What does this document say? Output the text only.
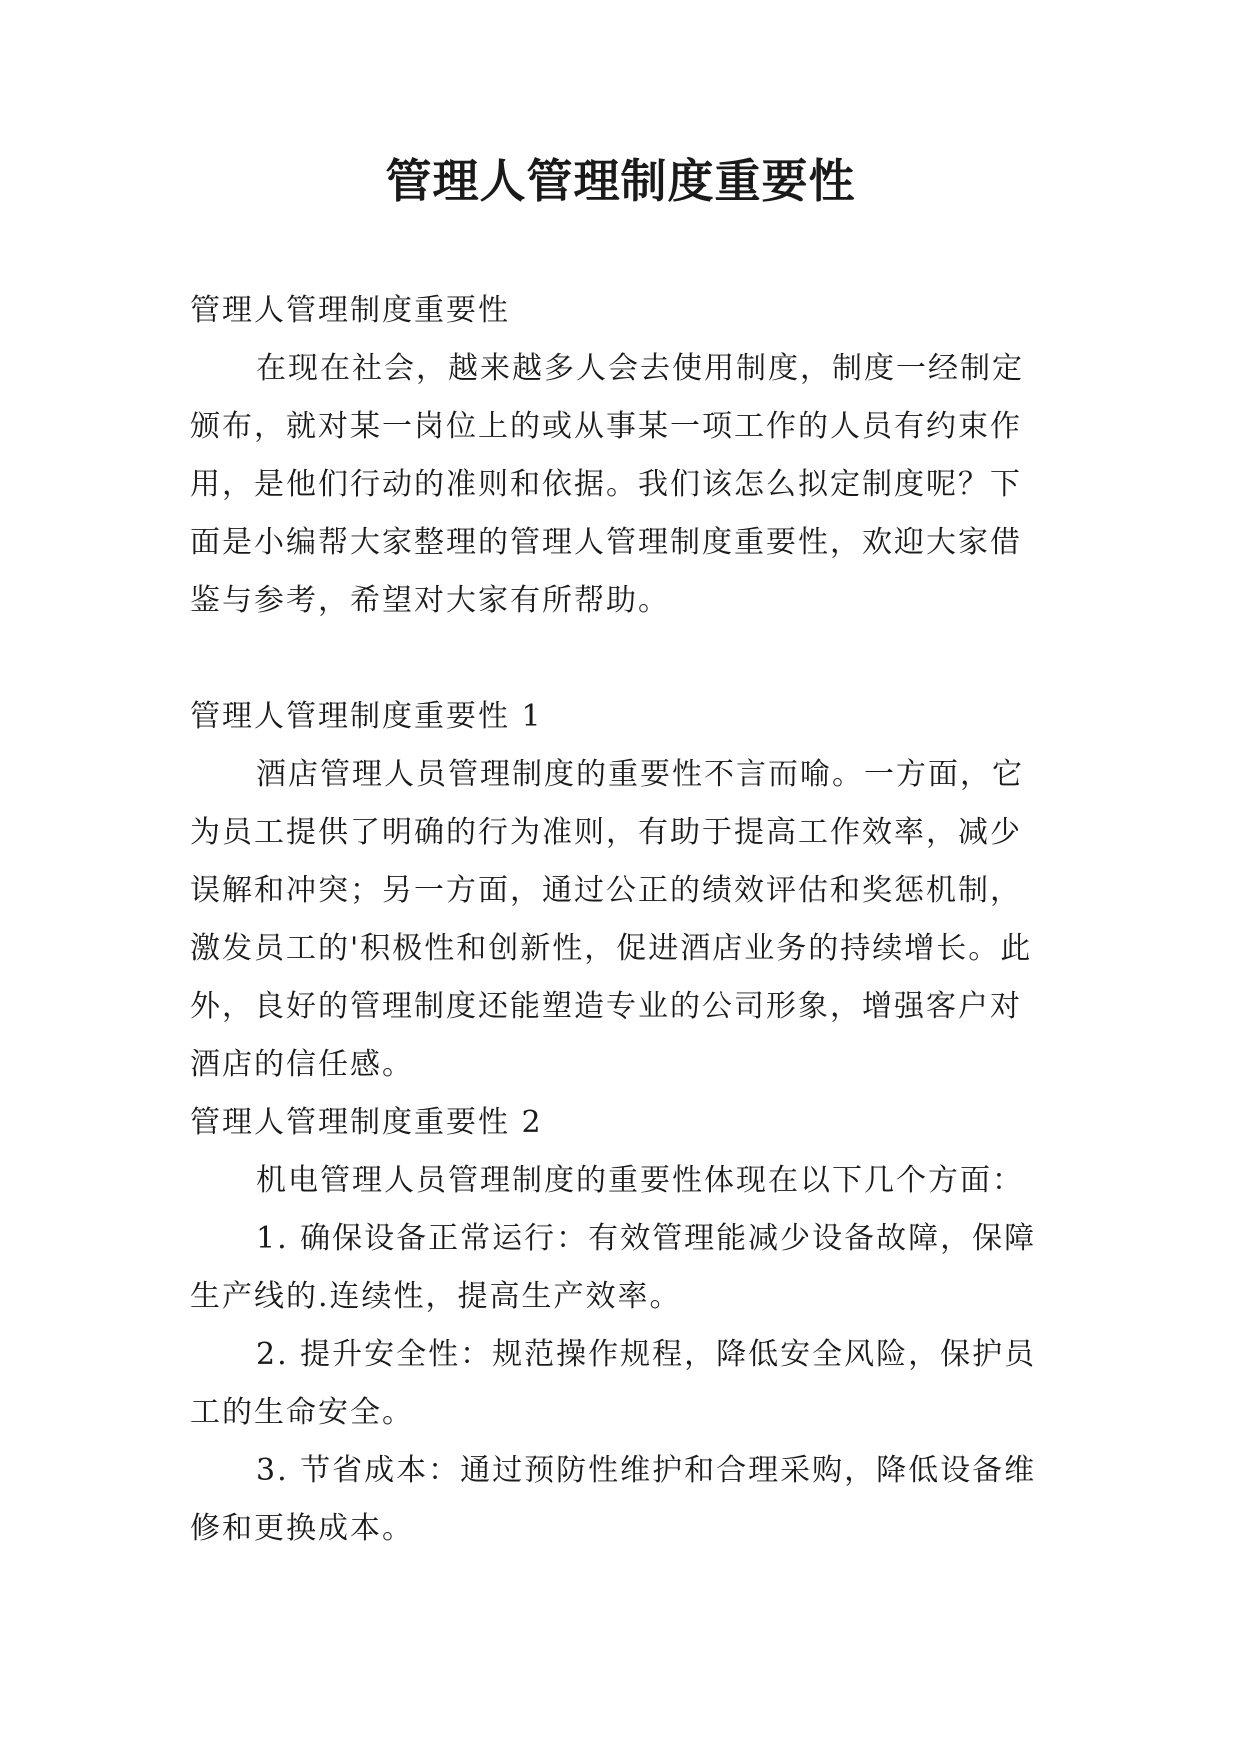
管理人管理制度重要性

管理人管理制度重要性

在现在社会，越来越多人会去使用制度，制度一经制定颁布，就对某一岗位上的或从事某一项工作的人员有约束作用，是他们行动的准则和依据。我们该怎么拟定制度呢？下面是小编帮大家整理的管理人管理制度重要性，欢迎大家借鉴与参考，希望对大家有所帮助。

管理人管理制度重要性 1

酒店管理人员管理制度的重要性不言而喻。一方面，它为员工提供了明确的行为准则，有助于提高工作效率，减少误解和冲突；另一方面，通过公正的绩效评估和奖惩机制，激发员工的'积极性和创新性，促进酒店业务的持续增长。此外，良好的管理制度还能塑造专业的公司形象，增强客户对酒店的信任感。

管理人管理制度重要性 2

机电管理人员管理制度的重要性体现在以下几个方面：

1. 确保设备正常运行：有效管理能减少设备故障，保障生产线的.连续性，提高生产效率。

2. 提升安全性：规范操作规程，降低安全风险，保护员工的生命安全。

3. 节省成本：通过预防性维护和合理采购，降低设备维修和更换成本。
